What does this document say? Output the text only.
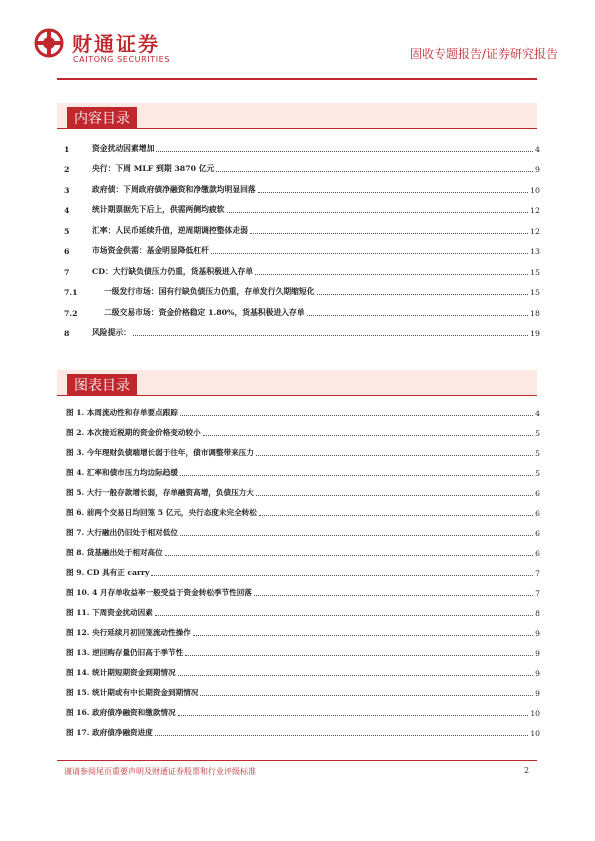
财通证券
CAITONG SECURITIES	固收专题报告/证券研究报告
内容目录
1	资金扰动因素增加	4
2	央行：下周 MLF 到期 3870 亿元	9
3	政府债：下周政府债净融资和净缴款均明显回落	10
4	统计期票据先下后上，供需两侧均疲软	12
5	汇率：人民币延续升值，逆周期调控整体走弱	12
6	市场资金供需：基金明显降低杠杆	13
7	CD：大行缺负债压力仍重，货基积极进入存单	15
7.1	一级发行市场：国有行缺负债压力仍重，存单发行久期缩短化	15
7.2	二级交易市场：资金价格稳定 1.80%，货基积极进入存单	18
8	风险提示：	19
图表目录
图 1. 本周流动性和存单要点跟踪	4
图 2. 本次接近税期的资金价格变动较小	5
图 3. 今年理财负债端增长弱于往年，债市调整带来压力	5
图 4. 汇率和债市压力均边际趋缓	5
图 5. 大行一般存款增长弱，存单融资高增，负债压力大	6
图 6. 前两个交易日均回笼 5 亿元，央行态度未完全转松	6
图 7. 大行融出仍旧处于相对低位	6
图 8. 货基融出处于相对高位	6
图 9. CD 具有正 carry	7
图 10. 4 月存单收益率一般受益于资金转松季节性回落	7
图 11. 下周资金扰动因素	8
图 12. 央行延续月初回笼流动性操作	9
图 13. 逆回购存量仍旧高于季节性	9
图 14. 统计期短期资金到期情况	9
图 15. 统计期或有中长期资金到期情况	9
图 16. 政府债净融资和缴款情况	10
图 17. 政府债净融资进度	10
谨请参阅尾页重要声明及财通证券股票和行业评级标准	2
